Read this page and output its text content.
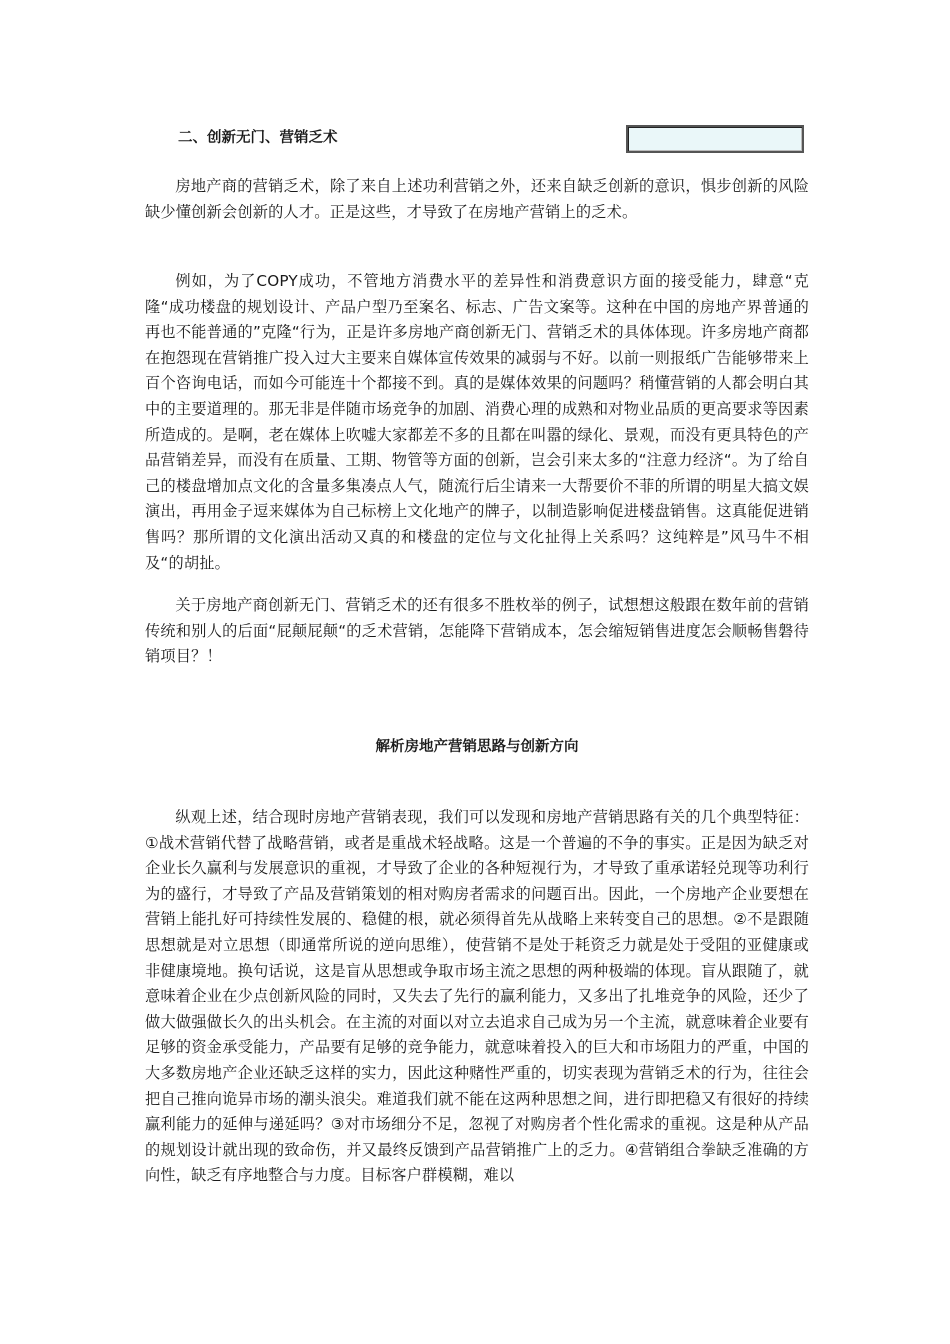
二、创新无门、营销乏术

房地产商的营销乏术，除了来自上述功利营销之外，还来自缺乏创新的意识，惧步创新的风险缺少懂创新会创新的人才。正是这些，才导致了在房地产营销上的乏术。

例如，为了COPY成功，不管地方消费水平的差异性和消费意识方面的接受能力，肆意“克隆“成功楼盘的规划设计、产品户型乃至案名、标志、广告文案等。这种在中国的房地产界普通的再也不能普通的”克隆“行为，正是许多房地产商创新无门、营销乏术的具体体现。许多房地产商都在抱怨现在营销推广投入过大主要来自媒体宣传效果的减弱与不好。以前一则报纸广告能够带来上百个咨询电话，而如今可能连十个都接不到。真的是媒体效果的问题吗？稍懂营销的人都会明白其中的主要道理的。那无非是伴随市场竞争的加剧、消费心理的成熟和对物业品质的更高要求等因素所造成的。是啊，老在媒体上吹嘘大家都差不多的且都在叫嚣的绿化、景观，而没有更具特色的产品营销差异，而没有在质量、工期、物管等方面的创新，岂会引来太多的“注意力经济“。为了给自己的楼盘增加点文化的含量多集凑点人气，随流行后尘请来一大帮要价不菲的所谓的明星大搞文娱演出，再用金子逗来媒体为自己标榜上文化地产的牌子，以制造影响促进楼盘销售。这真能促进销售吗？那所谓的文化演出活动又真的和楼盘的定位与文化扯得上关系吗？这纯粹是”风马牛不相及“的胡扯。

关于房地产商创新无门、营销乏术的还有很多不胜枚举的例子，试想想这般跟在数年前的营销传统和别人的后面“屁颠屁颠“的乏术营销，怎能降下营销成本，怎会缩短销售进度怎会顺畅售磐待销项目？！

解析房地产营销思路与创新方向

纵观上述，结合现时房地产营销表现，我们可以发现和房地产营销思路有关的几个典型特征：①战术营销代替了战略营销，或者是重战术轻战略。这是一个普遍的不争的事实。正是因为缺乏对企业长久赢利与发展意识的重视，才导致了企业的各种短视行为，才导致了重承诺轻兑现等功利行为的盛行，才导致了产品及营销策划的相对购房者需求的问题百出。因此，一个房地产企业要想在营销上能扎好可持续性发展的、稳健的根，就必须得首先从战略上来转变自己的思想。②不是跟随思想就是对立思想（即通常所说的逆向思维），使营销不是处于耗资乏力就是处于受阻的亚健康或非健康境地。换句话说，这是盲从思想或争取市场主流之思想的两种极端的体现。盲从跟随了，就意味着企业在少点创新风险的同时，又失去了先行的赢利能力，又多出了扎堆竞争的风险，还少了做大做强做长久的出头机会。在主流的对面以对立去追求自己成为另一个主流，就意味着企业要有足够的资金承受能力，产品要有足够的竞争能力，就意味着投入的巨大和市场阻力的严重，中国的大多数房地产企业还缺乏这样的实力，因此这种赌性严重的，切实表现为营销乏术的行为，往往会把自己推向诡异市场的潮头浪尖。难道我们就不能在这两种思想之间，进行即把稳又有很好的持续赢利能力的延伸与递延吗？③对市场细分不足，忽视了对购房者个性化需求的重视。这是种从产品的规划设计就出现的致命伤，并又最终反馈到产品营销推广上的乏力。④营销组合拳缺乏准确的方向性，缺乏有序地整合与力度。目标客户群模糊，难以
